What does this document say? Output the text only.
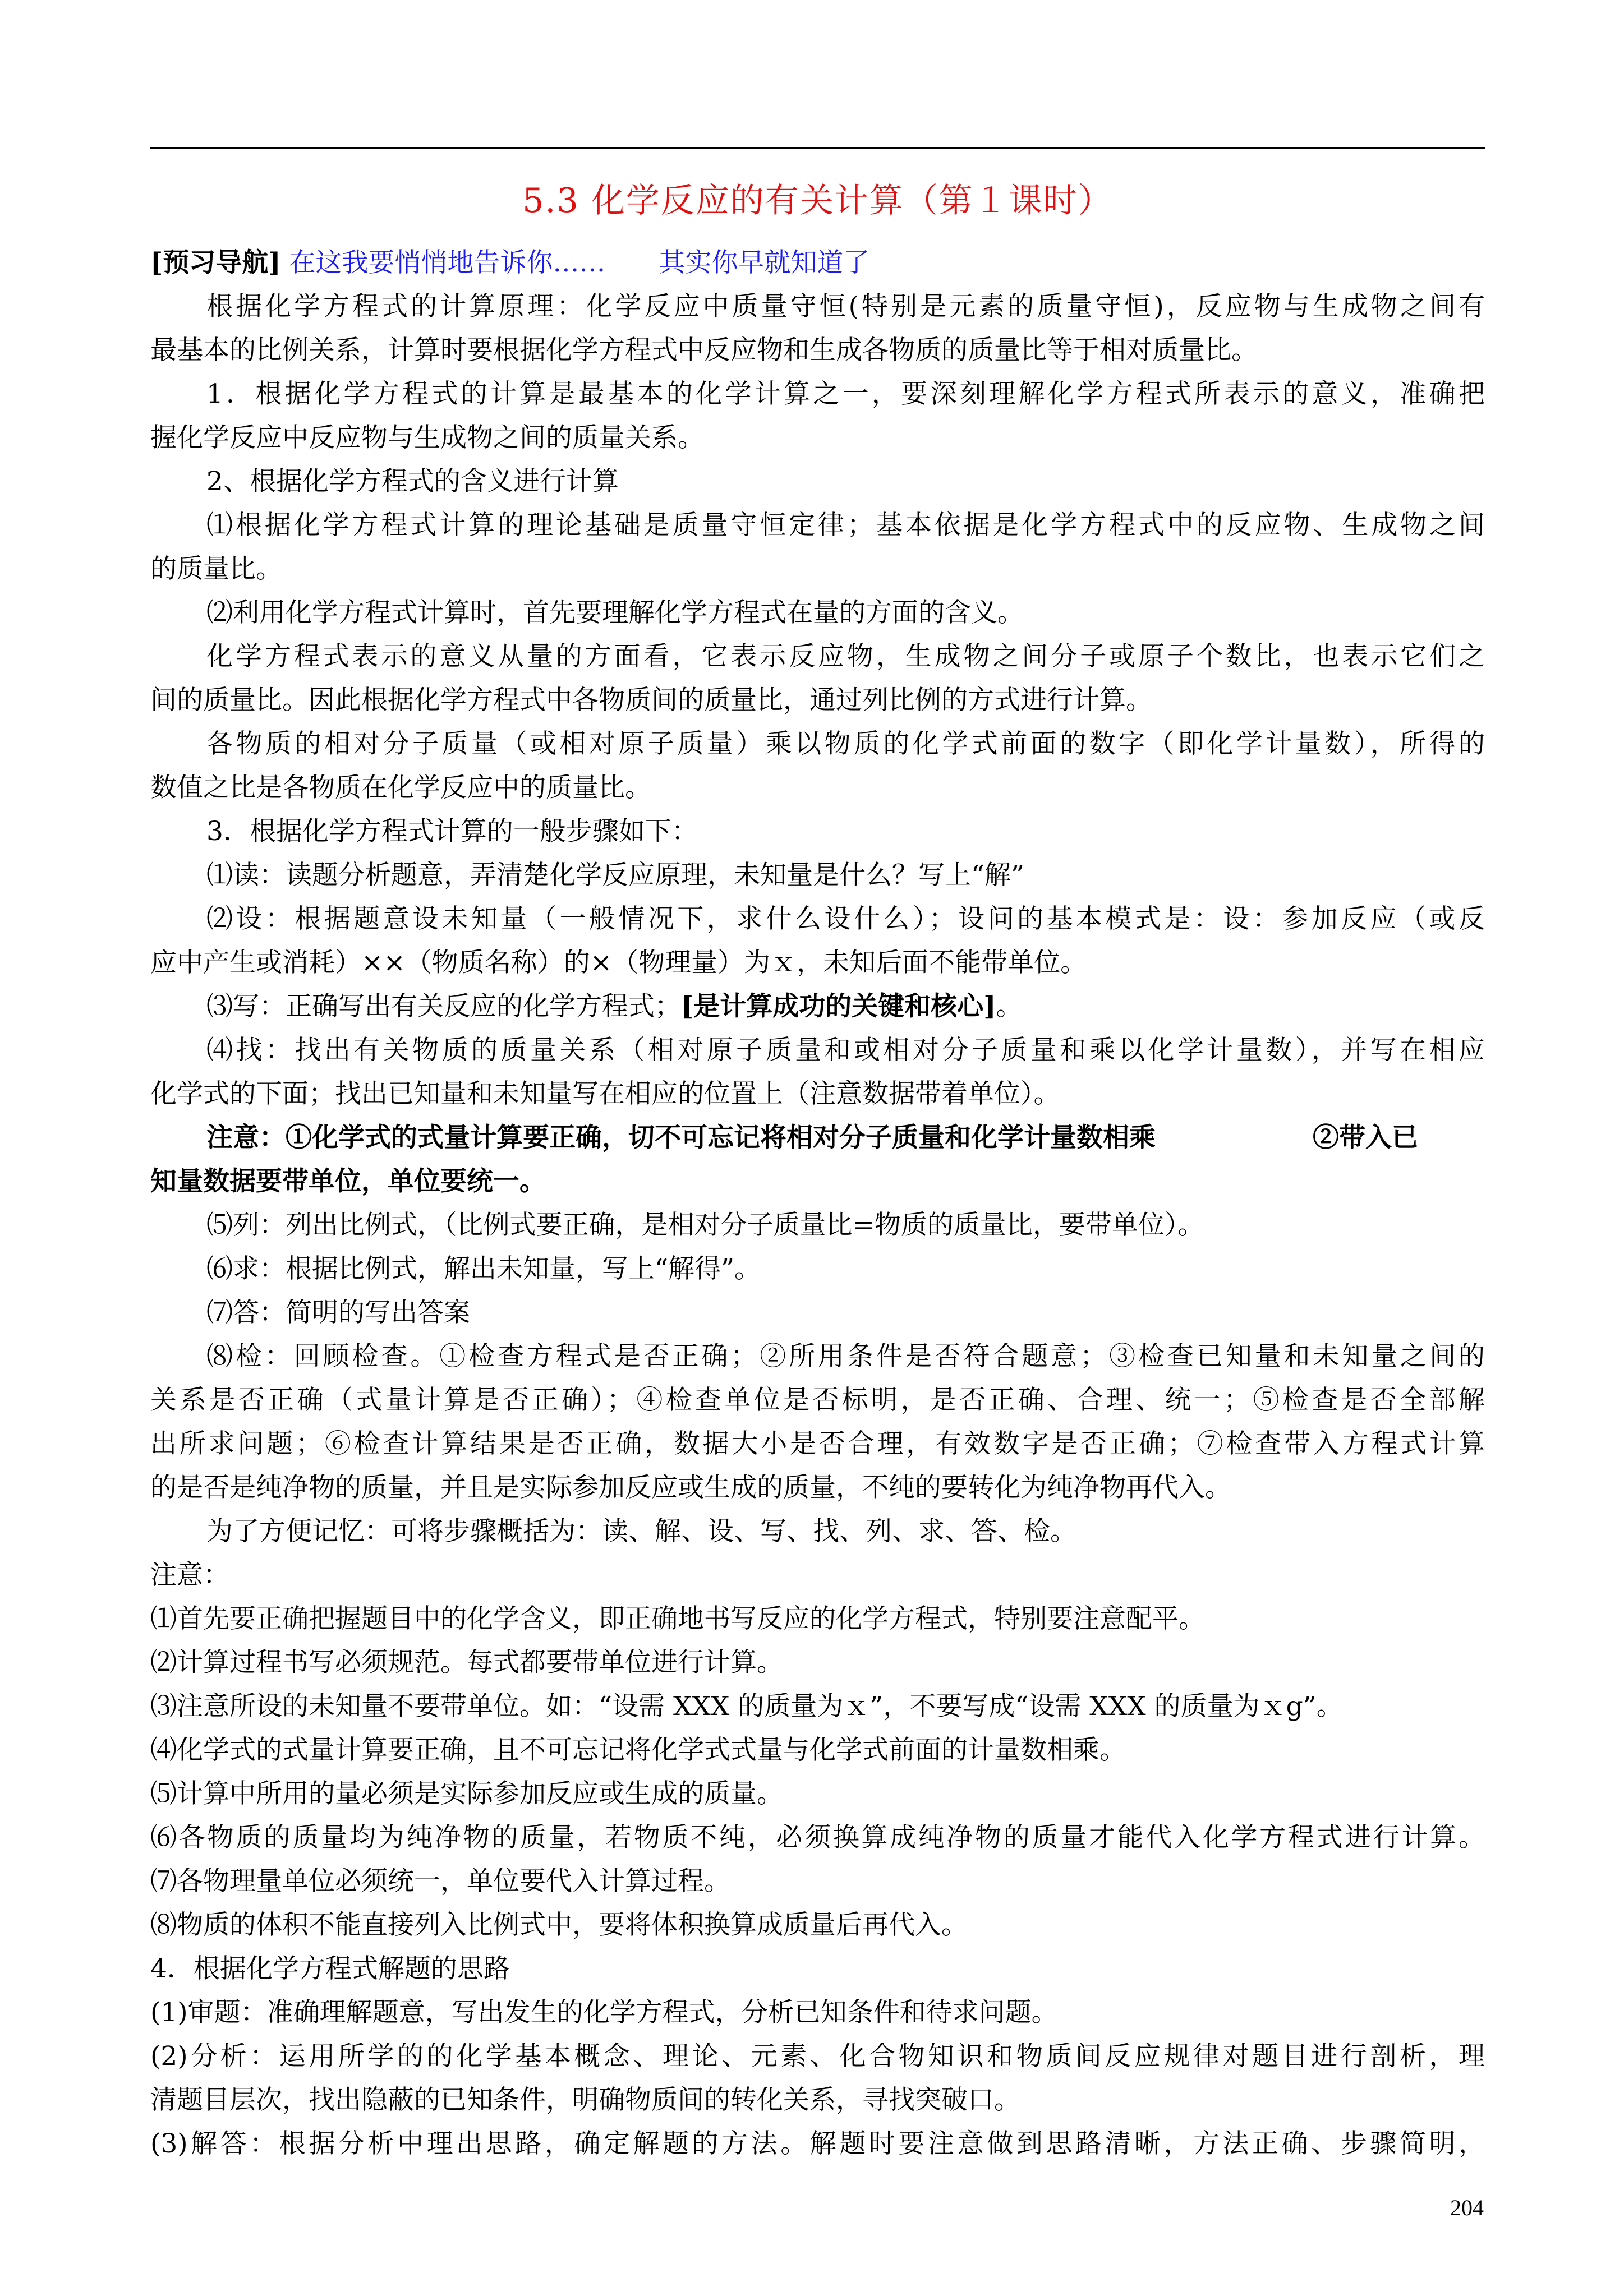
5.3 化学反应的有关计算（第１课时）
[预习导航] 在这我要悄悄地告诉你…… 其实你早就知道了
根据化学方程式的计算原理：化学反应中质量守恒(特别是元素的质量守恒)，反应物与生成物之间有
最基本的比例关系，计算时要根据化学方程式中反应物和生成各物质的质量比等于相对质量比。
1．根据化学方程式的计算是最基本的化学计算之一，要深刻理解化学方程式所表示的意义，准确把
握化学反应中反应物与生成物之间的质量关系。
2、根据化学方程式的含义进行计算
⑴根据化学方程式计算的理论基础是质量守恒定律；基本依据是化学方程式中的反应物、生成物之间
的质量比。
⑵利用化学方程式计算时，首先要理解化学方程式在量的方面的含义。
化学方程式表示的意义从量的方面看，它表示反应物，生成物之间分子或原子个数比，也表示它们之
间的质量比。因此根据化学方程式中各物质间的质量比，通过列比例的方式进行计算。
各物质的相对分子质量（或相对原子质量）乘以物质的化学式前面的数字（即化学计量数），所得的
数值之比是各物质在化学反应中的质量比。
3．根据化学方程式计算的一般步骤如下：
⑴读：读题分析题意，弄清楚化学反应原理，未知量是什么？写上“解”
⑵设：根据题意设未知量（一般情况下，求什么设什么）；设问的基本模式是：设：参加反应（或反
应中产生或消耗）××（物质名称）的×（物理量）为ｘ，未知后面不能带单位。
⑶写：正确写出有关反应的化学方程式；[是计算成功的关键和核心]。
⑷找：找出有关物质的质量关系（相对原子质量和或相对分子质量和乘以化学计量数），并写在相应
化学式的下面；找出已知量和未知量写在相应的位置上（注意数据带着单位）。
注意：①化学式的式量计算要正确，切不可忘记将相对分子质量和化学计量数相乘	②带入已
知量数据要带单位，单位要统一。
⑸列：列出比例式，（比例式要正确，是相对分子质量比=物质的质量比，要带单位）。
⑹求：根据比例式，解出未知量，写上“解得”。
⑺答：简明的写出答案
⑻检：回顾检查。①检查方程式是否正确；②所用条件是否符合题意；③检查已知量和未知量之间的
关系是否正确（式量计算是否正确）；④检查单位是否标明，是否正确、合理、统一；⑤检查是否全部解
出所求问题；⑥检查计算结果是否正确，数据大小是否合理，有效数字是否正确；⑦检查带入方程式计算
的是否是纯净物的质量，并且是实际参加反应或生成的质量，不纯的要转化为纯净物再代入。
为了方便记忆：可将步骤概括为：读、解、设、写、找、列、求、答、检。
注意：
⑴首先要正确把握题目中的化学含义，即正确地书写反应的化学方程式，特别要注意配平。
⑵计算过程书写必须规范。每式都要带单位进行计算。
⑶注意所设的未知量不要带单位。如：“设需 XXX 的质量为ｘ”，不要写成“设需 XXX 的质量为ｘg”。
⑷化学式的式量计算要正确，且不可忘记将化学式式量与化学式前面的计量数相乘。
⑸计算中所用的量必须是实际参加反应或生成的质量。
⑹各物质的质量均为纯净物的质量，若物质不纯，必须换算成纯净物的质量才能代入化学方程式进行计算。
⑺各物理量单位必须统一，单位要代入计算过程。
⑻物质的体积不能直接列入比例式中，要将体积换算成质量后再代入。
4．根据化学方程式解题的思路
(1)审题：准确理解题意，写出发生的化学方程式，分析已知条件和待求问题。
(2)分析：运用所学的的化学基本概念、理论、元素、化合物知识和物质间反应规律对题目进行剖析，理
清题目层次，找出隐蔽的已知条件，明确物质间的转化关系，寻找突破口。
(3)解答：根据分析中理出思路，确定解题的方法。解题时要注意做到思路清晰，方法正确、步骤简明，
204
